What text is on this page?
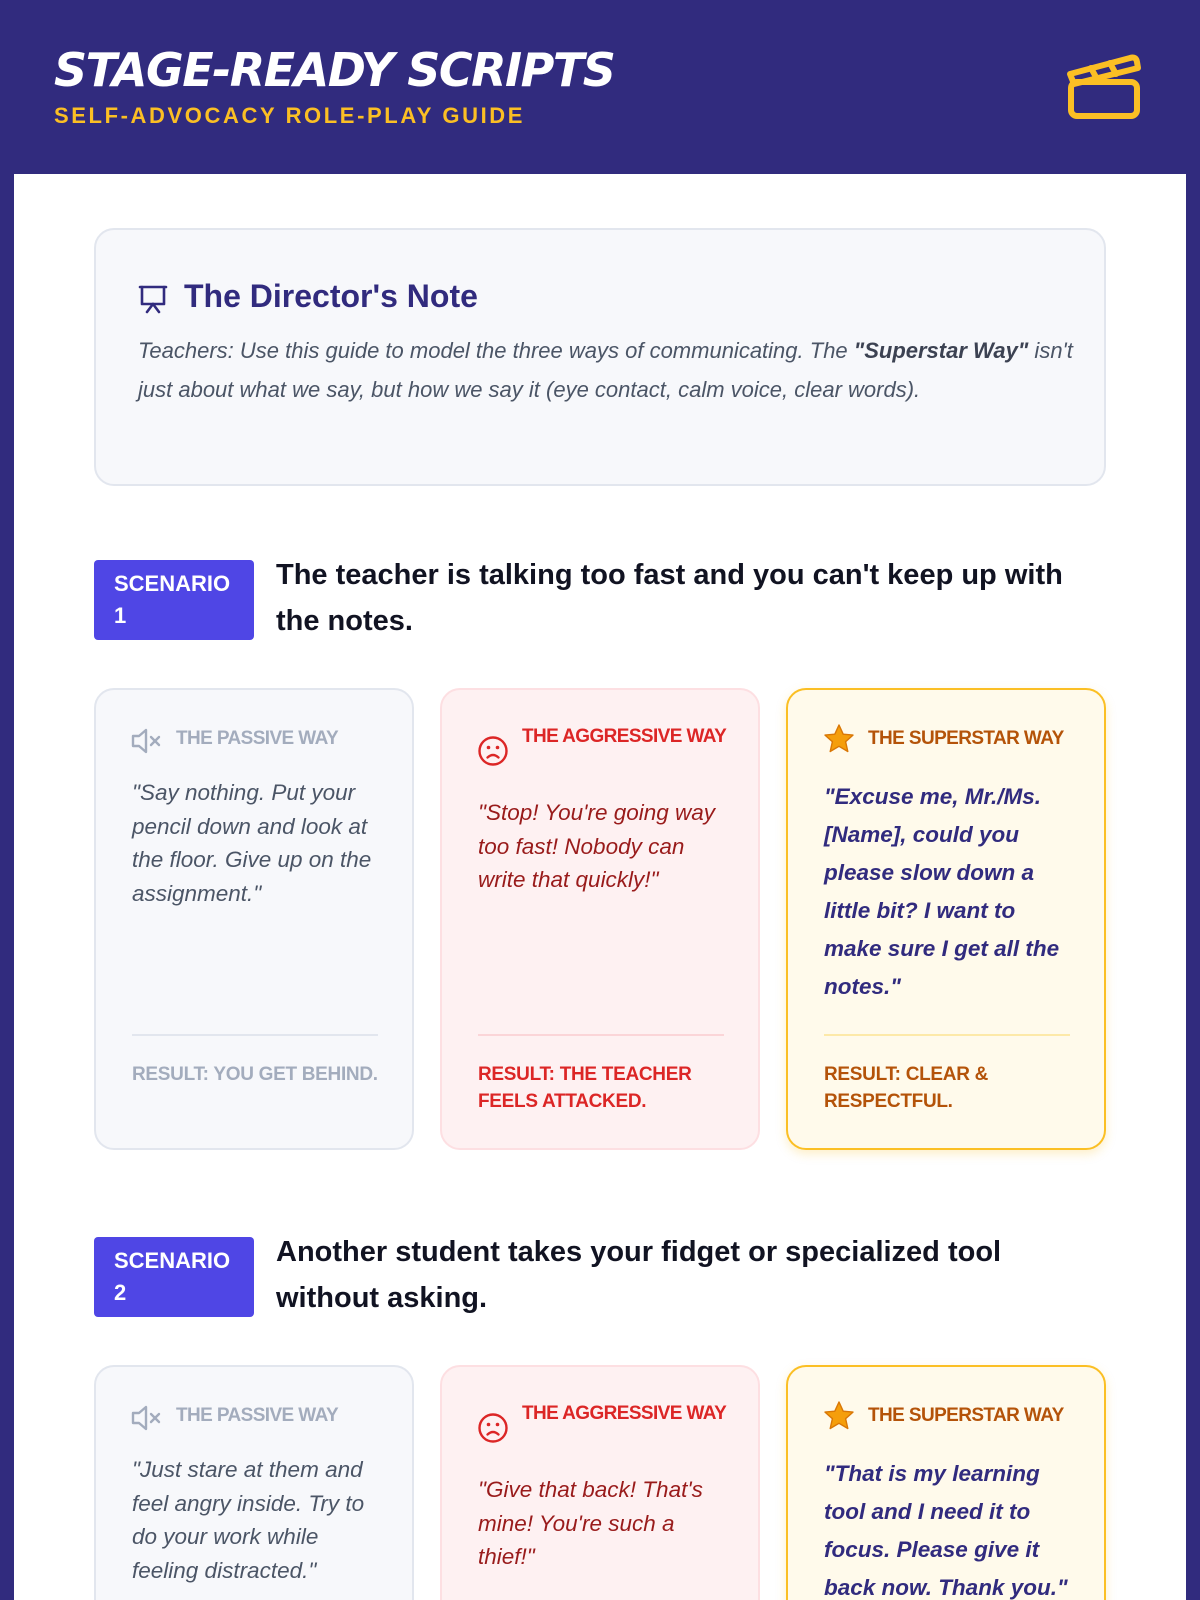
STAGE-READY SCRIPTS
SELF-ADVOCACY ROLE-PLAY GUIDE
The Director's Note
Teachers: Use this guide to model the three ways of communicating. The "Superstar Way" isn't just about what we say, but how we say it (eye contact, calm voice, clear words).
SCENARIO
1
The teacher is talking too fast and you can't keep up with the notes.
THE PASSIVE WAY
"Say nothing. Put your pencil down and look at the floor. Give up on the assignment."
RESULT: YOU GET BEHIND.
THE AGGRESSIVE WAY
"Stop! You're going way too fast! Nobody can write that quickly!"
RESULT: THE TEACHER FEELS ATTACKED.
THE SUPERSTAR WAY
"Excuse me, Mr./Ms. [Name], could you please slow down a little bit? I want to make sure I get all the notes."
RESULT: CLEAR & RESPECTFUL.
SCENARIO
2
Another student takes your fidget or specialized tool without asking.
THE PASSIVE WAY
"Just stare at them and feel angry inside. Try to do your work while feeling distracted."
THE AGGRESSIVE WAY
"Give that back! That's mine! You're such a thief!"
THE SUPERSTAR WAY
"That is my learning tool and I need it to focus. Please give it back now. Thank you."
